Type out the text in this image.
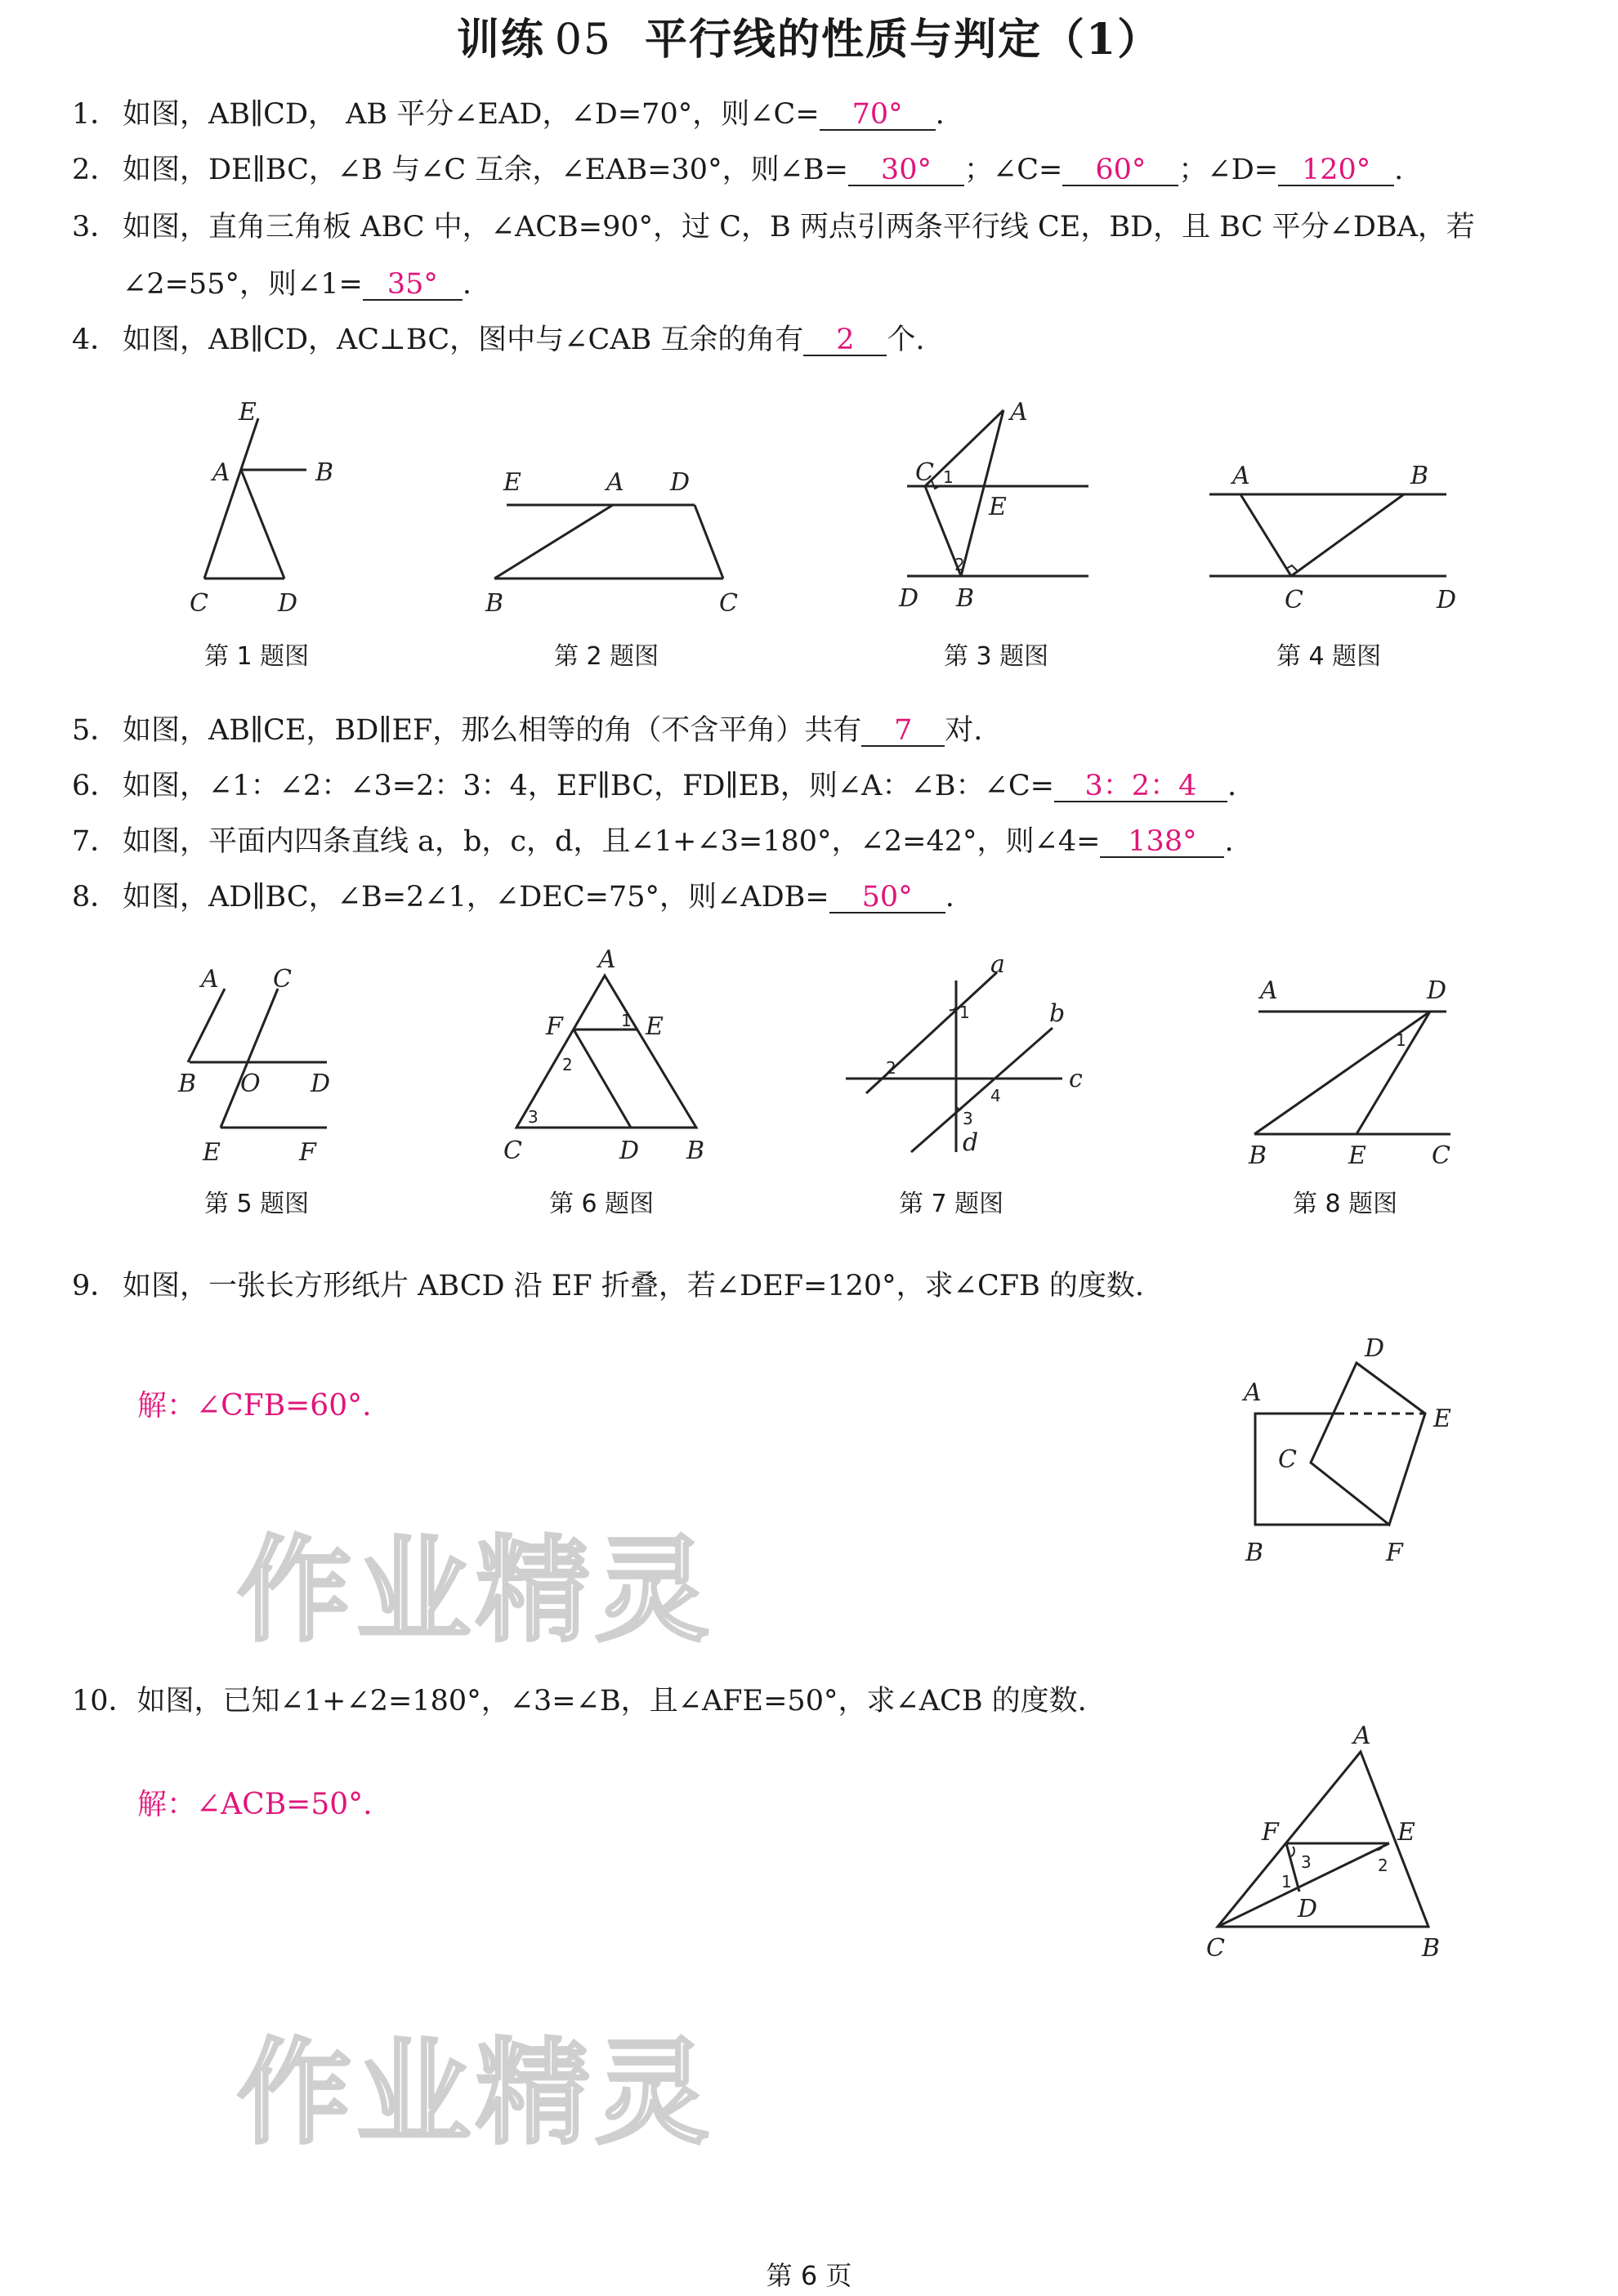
训练 05 平行线的性质与判定（1）
1． 如图，AB∥CD， AB 平分∠EAD，∠D=70°，则∠C= 70° .
2． 如图，DE∥BC，∠B 与∠C 互余，∠EAB=30°，则∠B= 30° ；∠C= 60° ；∠D= 120° .
3． 如图，直角三角板 ABC 中，∠ACB=90°，过 C，B 两点引两条平行线 CE，BD，且 BC 平分∠DBA，若
∠2=55°，则∠1= 35° .
4． 如图，AB∥CD，AC⊥BC，图中与∠CAB 互余的角有 2 个.
E
A	B
C	D
E	A D
B	C
A
C 1
E
2
D B
A	B
C	D
第 1 题图	第 2 题图	第 3 题图	第 4 题图
5． 如图，AB∥CE，BD∥EF，那么相等的角（不含平角）共有 7 对.
6． 如图，∠1：∠2：∠3=2：3：4，EF∥BC，FD∥EB，则∠A：∠B：∠C= 3：2：4 .
7． 如图，平面内四条直线 a，b，c，d，且∠1+∠3=180°，∠2=42°，则∠4= 138° .
8． 如图，AD∥BC，∠B=2∠1，∠DEC=75°，则∠ADB= 50° .
A C
B O D
E	F
A
F	1 E
2
3
C	D B
a
b
1
2	c
4
3
d
A	D
1
B	E	C
第 5 题图	第 6 题图	第 7 题图	第 8 题图
9． 如图，一张长方形纸片 ABCD 沿 EF 折叠，若∠DEF=120°，求∠CFB 的度数.
解：∠CFB=60°.
D
A
E
C
B	F
作业精灵
10．如图，已知∠1+∠2=180°，∠3=∠B，且∠AFE=50°，求∠ACB 的度数.
解：∠ACB=50°.
A
F	E
3
1
2
D
C	B
作业精灵
第 6 页
